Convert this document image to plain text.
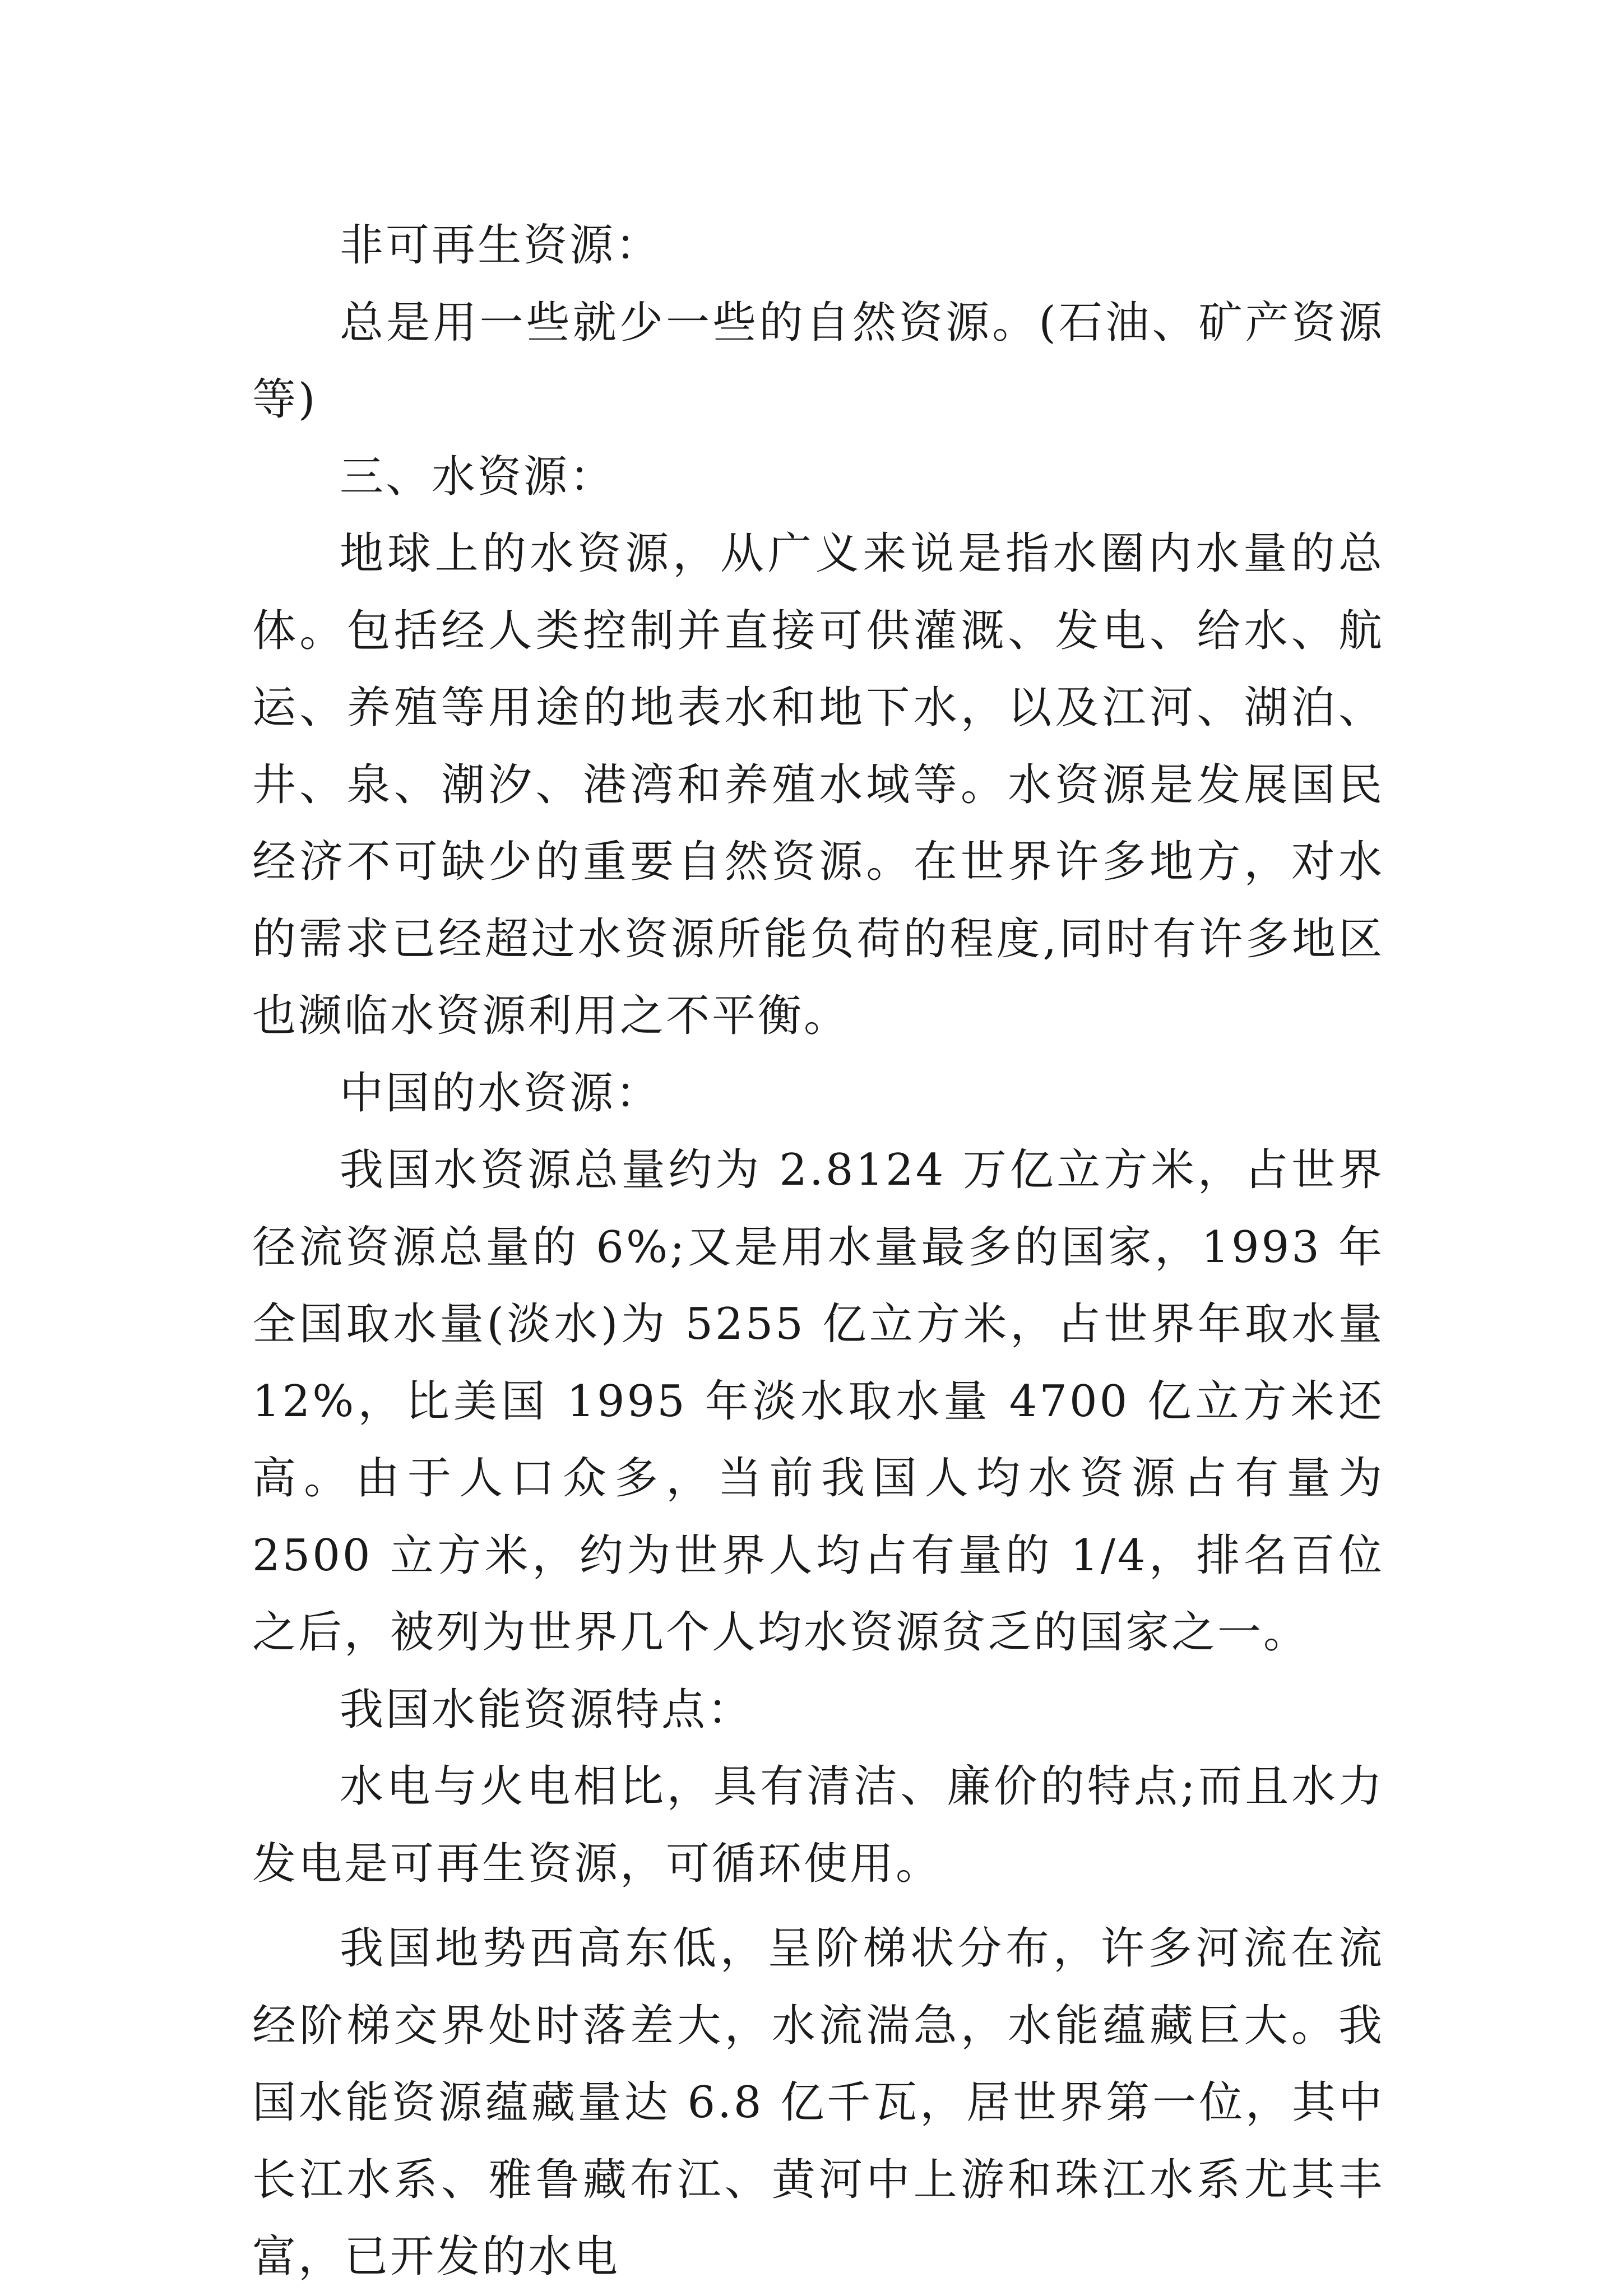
非可再生资源：

总是用一些就少一些的自然资源。(石油、矿产资源等)

三、水资源：

地球上的水资源，从广义来说是指水圈内水量的总体。包括经人类控制并直接可供灌溉、发电、给水、航运、养殖等用途的地表水和地下水，以及江河、湖泊、井、泉、潮汐、港湾和养殖水域等。水资源是发展国民经济不可缺少的重要自然资源。在世界许多地方，对水的需求已经超过水资源所能负荷的程度,同时有许多地区也濒临水资源利用之不平衡。

中国的水资源：

我国水资源总量约为 2.8124 万亿立方米，占世界径流资源总量的 6%;又是用水量最多的国家，1993 年全国取水量(淡水)为 5255 亿立方米，占世界年取水量 12%，比美国 1995 年淡水取水量 4700 亿立方米还高。由于人口众多，当前我国人均水资源占有量为 2500 立方米，约为世界人均占有量的 1/4，排名百位之后，被列为世界几个人均水资源贫乏的国家之一。

我国水能资源特点：

水电与火电相比，具有清洁、廉价的特点;而且水力发电是可再生资源，可循环使用。

我国地势西高东低，呈阶梯状分布，许多河流在流经阶梯交界处时落差大，水流湍急，水能蕴藏巨大。我国水能资源蕴藏量达 6.8 亿千瓦，居世界第一位，其中长江水系、雅鲁藏布江、黄河中上游和珠江水系尤其丰富，已开发的水电
